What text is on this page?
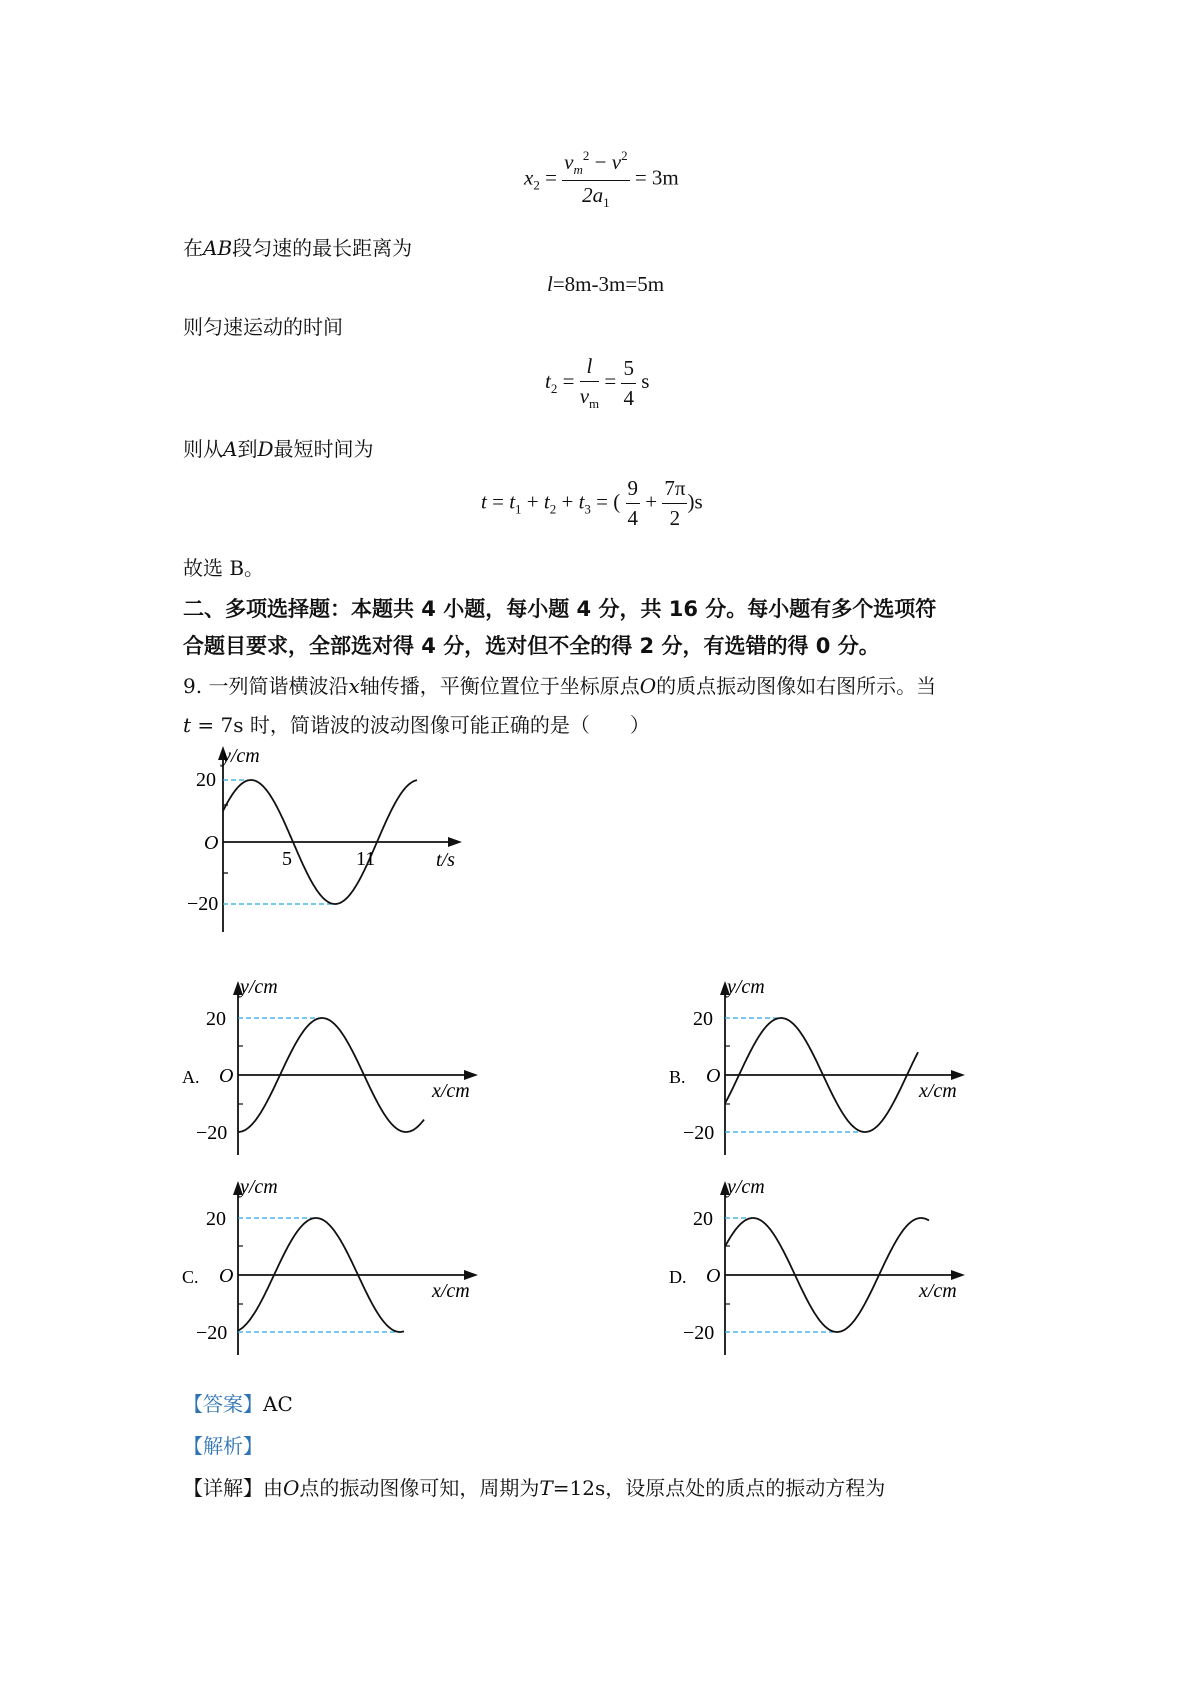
$x_2 = \frac{v_m^2 - v^2}{2a_1} = 3m$
在AB段匀速的最长距离为
l=8m-3m=5m
则匀速运动的时间
$t_2 = \frac{l}{v_m} = \frac{5}{4}$ s
则从A到D最短时间为
$t = t_1 + t_2 + t_3$ = ( $\frac{9}{4} + \frac{7\pi}{2} )s$
故选 B。
二、多项选择题：本题共 4 小题，每小题 4 分，共 16 分。每小题有多个选项符
合题目要求，全部选对得 4 分，选对但不全的得 2 分，有选错的得 0 分。
9. 一列简谐横波沿x轴传播，平衡位置位于坐标原点O的质点振动图像如右图所示。当
t = 7s 时，简谐波的波动图像可能正确的是（　　）
y/cm
20
O
−20
5	11	t/s
A.
y/cm
20
O
−20
x/cm
B.
y/cm
20
O
−20
x/cm
C.
y/cm
20
O
−20
x/cm
D.
y/cm
20
O
−20
x/cm
【答案】AC
【解析】
【详解】由O点的振动图像可知，周期为T=12s，设原点处的质点的振动方程为
